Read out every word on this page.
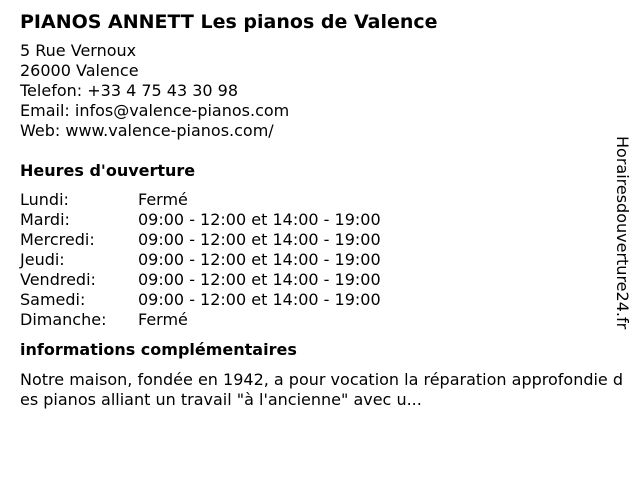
PIANOS ANNETT Les pianos de Valence
5 Rue Vernoux
26000 Valence
Telefon: +33 4 75 43 30 98
Email: infos@valence-pianos.com
Web: www.valence-pianos.com/
Heures d'ouverture
Lundi:	Fermé
Mardi:	09:00 - 12:00 et 14:00 - 19:00
Mercredi:	09:00 - 12:00 et 14:00 - 19:00
Jeudi:	09:00 - 12:00 et 14:00 - 19:00
Vendredi:	09:00 - 12:00 et 14:00 - 19:00
Samedi:	09:00 - 12:00 et 14:00 - 19:00
Dimanche:	Fermé
informations complémentaires
Notre maison, fondée en 1942, a pour vocation la réparation approfondie des pianos alliant un travail "à l'ancienne" avec u...
Horairesdouverture24.fr
